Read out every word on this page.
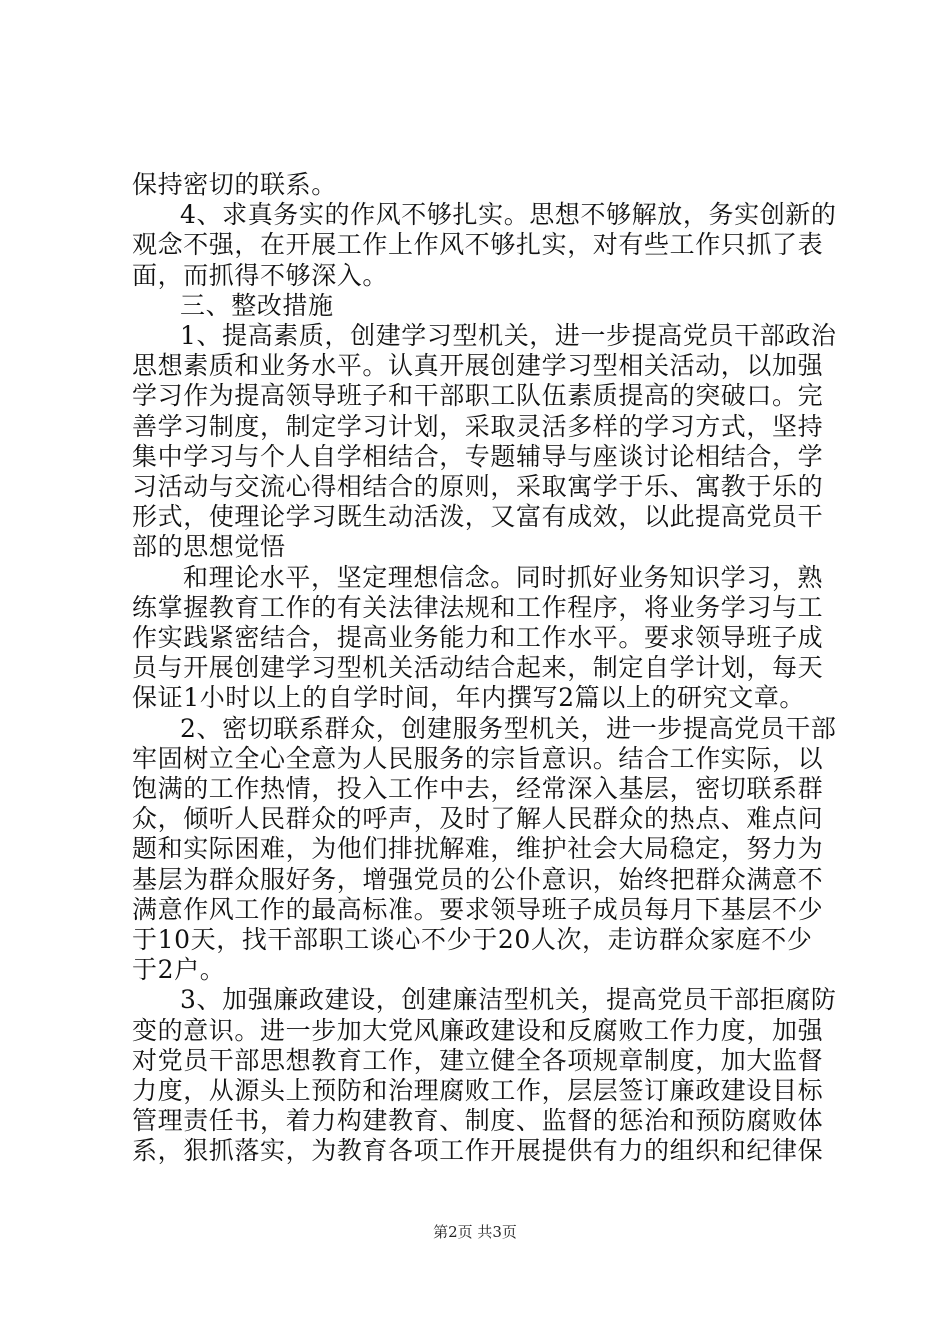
保持密切的联系。
4、求真务实的作风不够扎实。思想不够解放，务实创新的
观念不强，在开展工作上作风不够扎实，对有些工作只抓了表
面，而抓得不够深入。
三、整改措施
1、提高素质，创建学习型机关，进一步提高党员干部政治
思想素质和业务水平。认真开展创建学习型相关活动，以加强
学习作为提高领导班子和干部职工队伍素质提高的突破口。完
善学习制度，制定学习计划，采取灵活多样的学习方式，坚持
集中学习与个人自学相结合，专题辅导与座谈讨论相结合，学
习活动与交流心得相结合的原则，采取寓学于乐、寓教于乐的
形式，使理论学习既生动活泼，又富有成效，以此提高党员干
部的思想觉悟
和理论水平，坚定理想信念。同时抓好业务知识学习，熟
练掌握教育工作的有关法律法规和工作程序，将业务学习与工
作实践紧密结合，提高业务能力和工作水平。要求领导班子成
员与开展创建学习型机关活动结合起来，制定自学计划，每天
保证1小时以上的自学时间，年内撰写2篇以上的研究文章。
2、密切联系群众，创建服务型机关，进一步提高党员干部
牢固树立全心全意为人民服务的宗旨意识。结合工作实际，以
饱满的工作热情，投入工作中去，经常深入基层，密切联系群
众，倾听人民群众的呼声，及时了解人民群众的热点、难点问
题和实际困难，为他们排扰解难，维护社会大局稳定，努力为
基层为群众服好务，增强党员的公仆意识，始终把群众满意不
满意作风工作的最高标准。要求领导班子成员每月下基层不少
于10天，找干部职工谈心不少于20人次，走访群众家庭不少
于2户。
3、加强廉政建设，创建廉洁型机关，提高党员干部拒腐防
变的意识。进一步加大党风廉政建设和反腐败工作力度，加强
对党员干部思想教育工作，建立健全各项规章制度，加大监督
力度，从源头上预防和治理腐败工作，层层签订廉政建设目标
管理责任书，着力构建教育、制度、监督的惩治和预防腐败体
系，狠抓落实，为教育各项工作开展提供有力的组织和纪律保
第2页 共3页
